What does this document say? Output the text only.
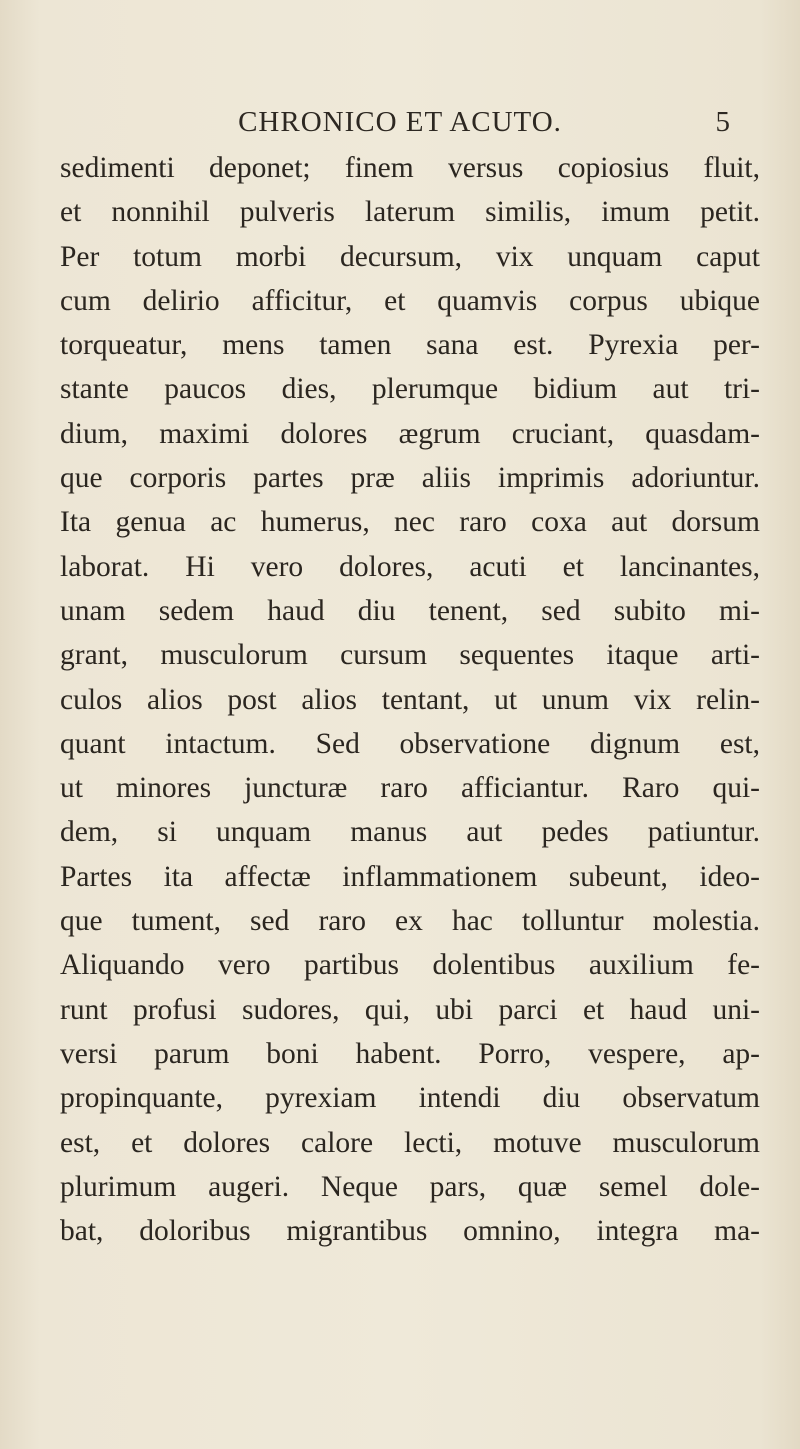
CHRONICO ET ACUTO.	5
sedimenti deponet; finem versus copiosius fluit,
et nonnihil pulveris laterum similis, imum petit.
Per totum morbi decursum, vix unquam caput
cum delirio afficitur, et quamvis corpus ubique
torqueatur, mens tamen sana est. Pyrexia per-
stante paucos dies, plerumque bidium aut tri-
dium, maximi dolores ægrum cruciant, quasdam-
que corporis partes præ aliis imprimis adoriuntur.
Ita genua ac humerus, nec raro coxa aut dorsum
laborat. Hi vero dolores, acuti et lancinantes,
unam sedem haud diu tenent, sed subito mi-
grant, musculorum cursum sequentes itaque arti-
culos alios post alios tentant, ut unum vix relin-
quant intactum. Sed observatione dignum est,
ut minores juncturæ raro afficiantur. Raro qui-
dem, si unquam manus aut pedes patiuntur.
Partes ita affectæ inflammationem subeunt, ideo-
que tument, sed raro ex hac tolluntur molestia.
Aliquando vero partibus dolentibus auxilium fe-
runt profusi sudores, qui, ubi parci et haud uni-
versi parum boni habent. Porro, vespere, ap-
propinquante, pyrexiam intendi diu observatum
est, et dolores calore lecti, motuve musculorum
plurimum augeri. Neque pars, quæ semel dole-
bat, doloribus migrantibus omnino, integra ma-
